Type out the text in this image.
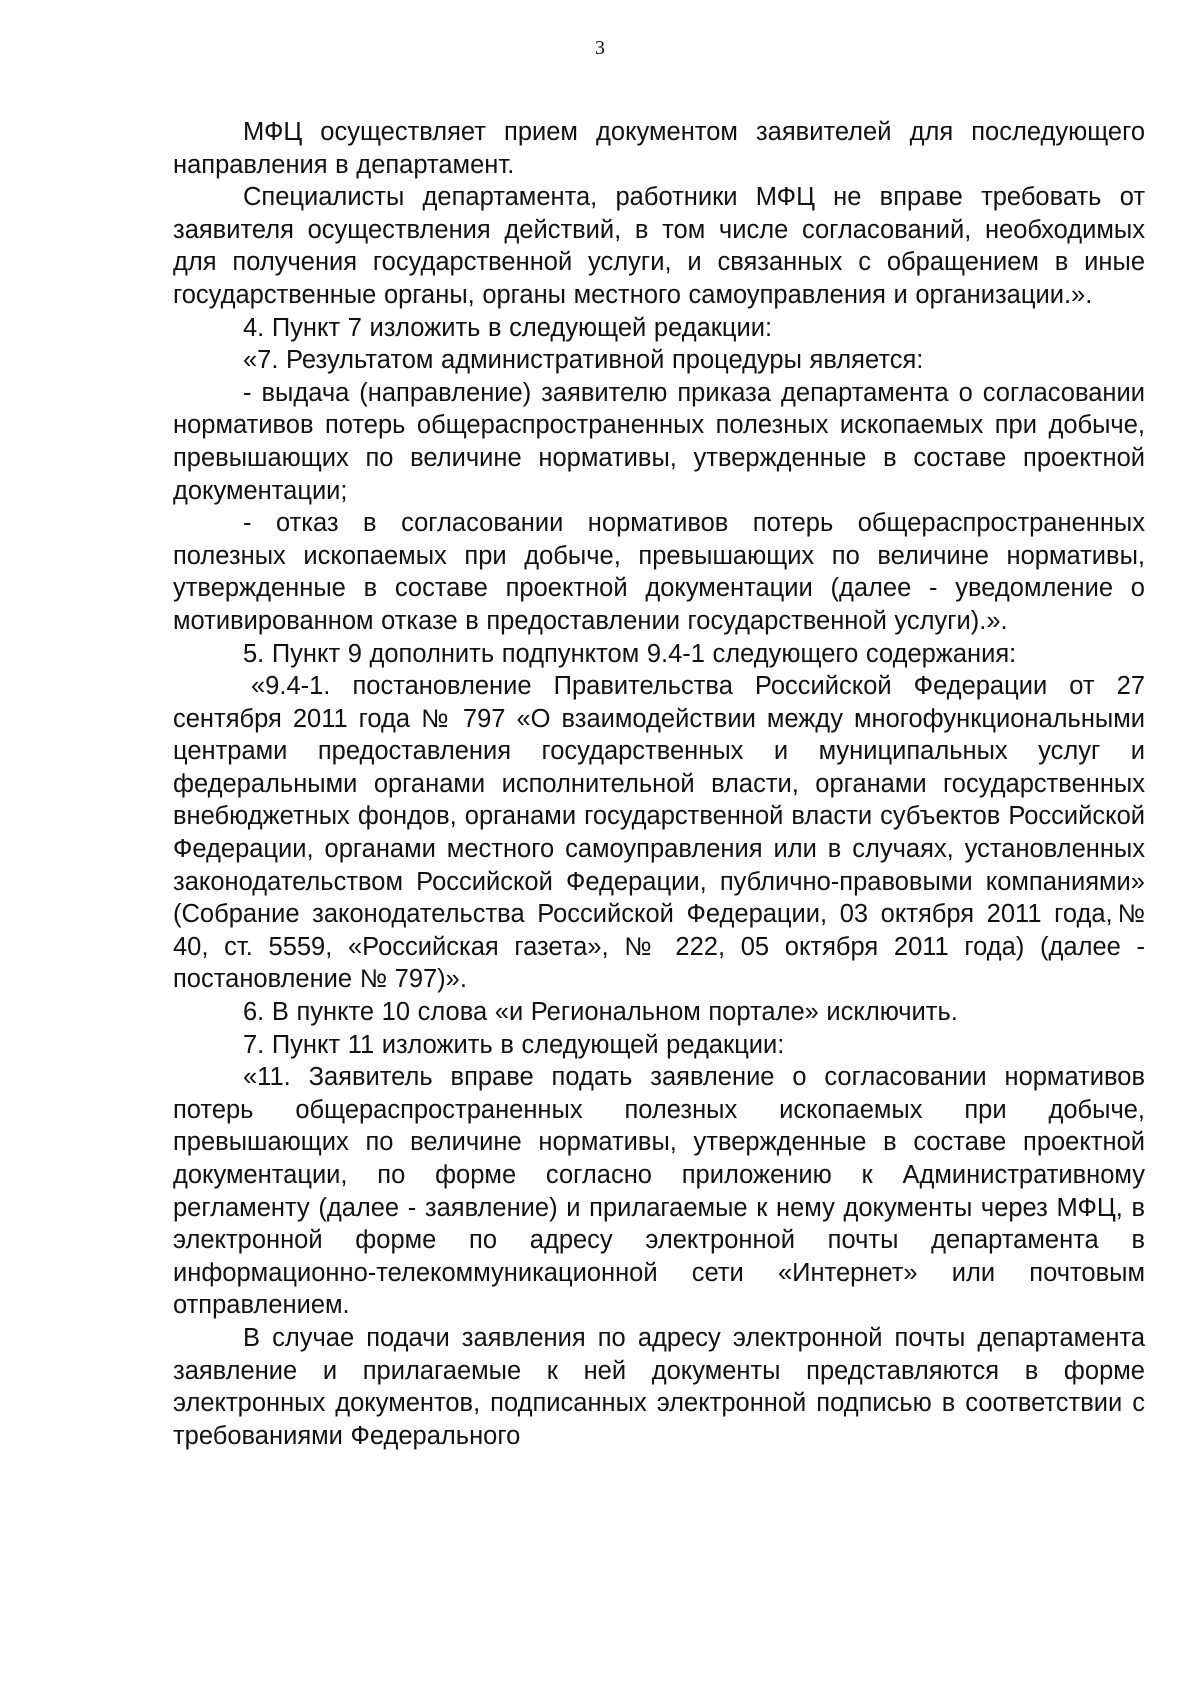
3

МФЦ осуществляет прием документом заявителей для последующего направления в департамент.

Специалисты департамента, работники МФЦ не вправе требовать от заявителя осуществления действий, в том числе согласований, необходимых для получения государственной услуги, и связанных с обращением в иные государственные органы, органы местного самоуправления и организации.».

4. Пункт 7 изложить в следующей редакции:

«7. Результатом административной процедуры является:

- выдача (направление) заявителю приказа департамента о согласовании нормативов потерь общераспространенных полезных ископаемых при добыче, превышающих по величине нормативы, утвержденные в составе проектной документации;

- отказ в согласовании нормативов потерь общераспространенных полезных ископаемых при добыче, превышающих по величине нормативы, утвержденные в составе проектной документации (далее - уведомление о мотивированном отказе в предоставлении государственной услуги).».

5. Пункт 9 дополнить подпунктом 9.4-1 следующего содержания:

«9.4-1. постановление Правительства Российской Федерации от 27 сентября 2011 года № 797 «О взаимодействии между многофункциональными центрами предоставления государственных и муниципальных услуг и федеральными органами исполнительной власти, органами государственных внебюджетных фондов, органами государственной власти субъектов Российской Федерации, органами местного самоуправления или в случаях, установленных законодательством Российской Федерации, публично-правовыми компаниями» (Собрание законодательства Российской Федерации, 03 октября 2011 года,№ 40, ст. 5559, «Российская газета», № 222, 05 октября 2011 года) (далее - постановление № 797)».

6. В пункте 10 слова «и Региональном портале» исключить.

7. Пункт 11 изложить в следующей редакции:

«11. Заявитель вправе подать заявление о согласовании нормативов потерь общераспространенных полезных ископаемых при добыче, превышающих по величине нормативы, утвержденные в составе проектной документации, по форме согласно приложению к Административному регламенту (далее - заявление) и прилагаемые к нему документы через МФЦ, в электронной форме по адресу электронной почты департамента в информационно-телекоммуникационной сети «Интернет» или почтовым отправлением.

В случае подачи заявления по адресу электронной почты департамента заявление и прилагаемые к ней документы представляются в форме электронных документов, подписанных электронной подписью в соответствии с требованиями Федерального
